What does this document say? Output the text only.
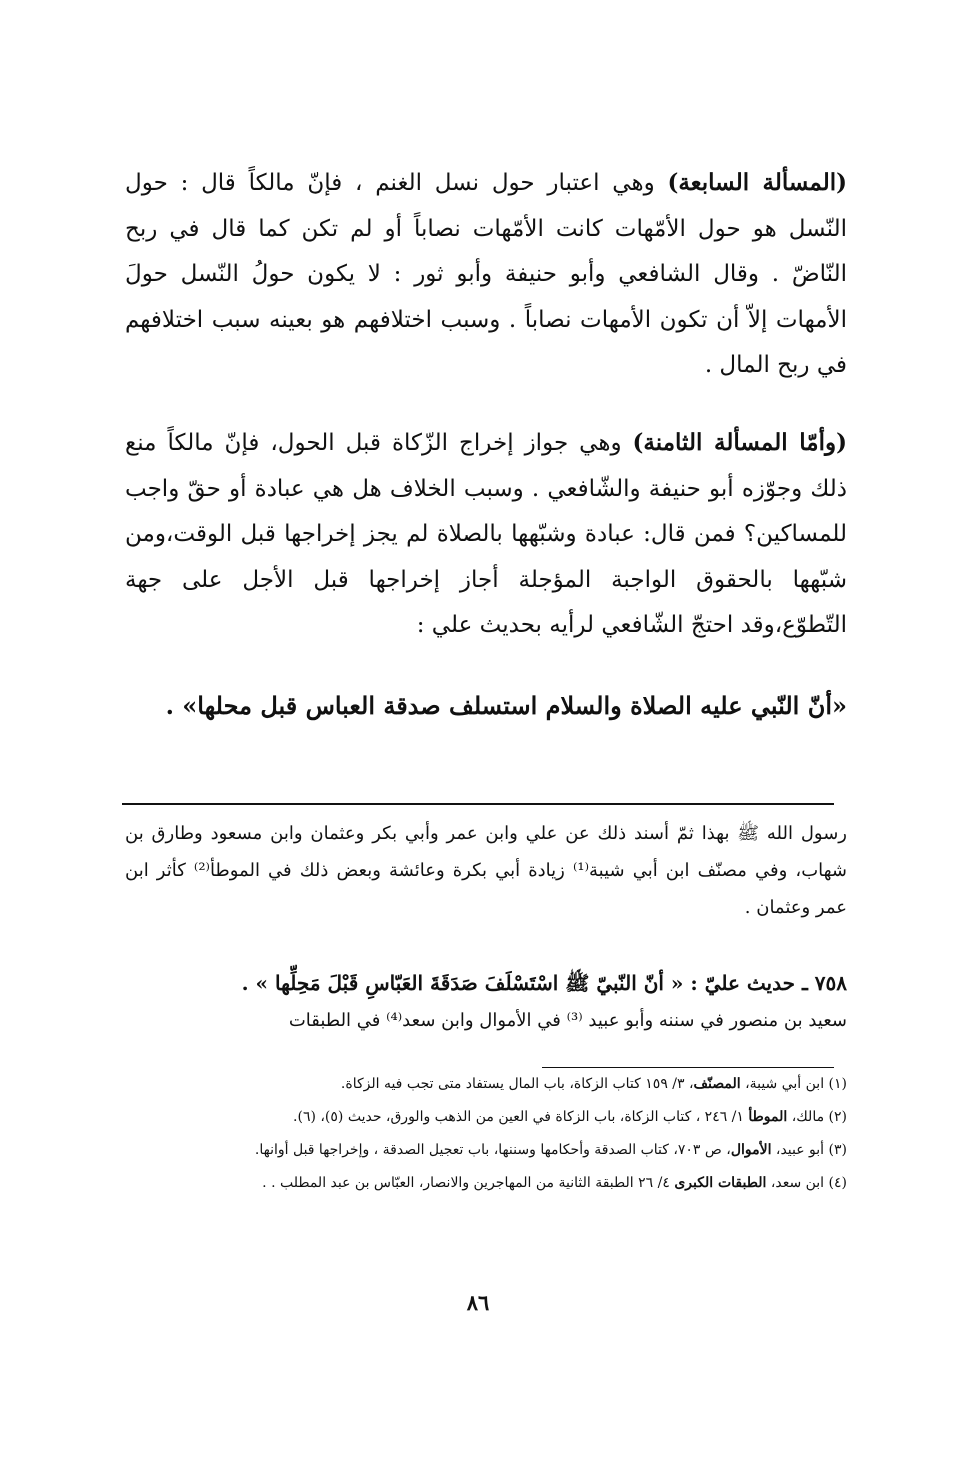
(المسألة السابعة) وهي اعتبار حول نسل الغنم ، فإنّ مالكاً قال : حول النّسل هو حول الأمّهات كانت الأمّهات نصاباً أو لم تكن كما قال في ربح النّاضّ . وقال الشافعي وأبو حنيفة وأبو ثور : لا يكون حولُ النّسل حولَ الأمهات إلاّ أن تكون الأمهات نصاباً . وسبب اختلافهم هو بعينه سبب اختلافهم في ربح المال .
(وأمّا المسألة الثامنة) وهي جواز إخراج الزّكاة قبل الحول، فإنّ مالكاً منع ذلك وجوّزه أبو حنيفة والشّافعي . وسبب الخلاف هل هي عبادة أو حقّ واجب للمساكين؟ فمن قال: عبادة وشبّهها بالصلاة لم يجز إخراجها قبل الوقت،ومن شبّهها بالحقوق الواجبة المؤجلة أجاز إخراجها قبل الأجل على جهة التّطوّع،وقد احتجّ الشّافعي لرأيه بحديث علي :
«أنّ النّبي عليه الصلاة والسلام استسلف صدقة العباس قبل محلها» .
رسول الله ﷺ بهذا ثمّ أسند ذلك عن علي وابن عمر وأبي بكر وعثمان وابن مسعود وطارق بن شهاب، وفي مصنّف ابن أبي شيبة⁽¹⁾ زيادة أبي بكرة وعائشة وبعض ذلك في الموطأ⁽²⁾ كأثر ابن عمر وعثمان .
٧٥٨ ـ حديث عليّ : « أنّ النّبيّ ﷺ اسْتَسْلَفَ صَدَقَةَ العَبّاسِ قَبْلَ مَحِلِّها » .
سعيد بن منصور في سننه وأبو عبيد ⁽³⁾ في الأموال وابن سعد⁽⁴⁾ في الطبقات
(١) ابن أبي شيبة، المصنّف، ٣/ ١٥٩ كتاب الزكاة، باب المال يستفاد متى تجب فيه الزكاة.
(٢) مالك، الموطأ ١/ ٢٤٦ ، كتاب الزكاة، باب الزكاة في العين من الذهب والورق، حديث (٥)، (٦).
(٣) أبو عبيد، الأموال، ص ٧٠٣، كتاب الصدقة وأحكامها وسننها، باب تعجيل الصدقة ، وإخراجها قبل أوانها.
(٤) ابن سعد، الطبقات الكبرى ٤/ ٢٦ الطبقة الثانية من المهاجرين والانصار، العبّاس بن عبد المطلب . .
٨٦
